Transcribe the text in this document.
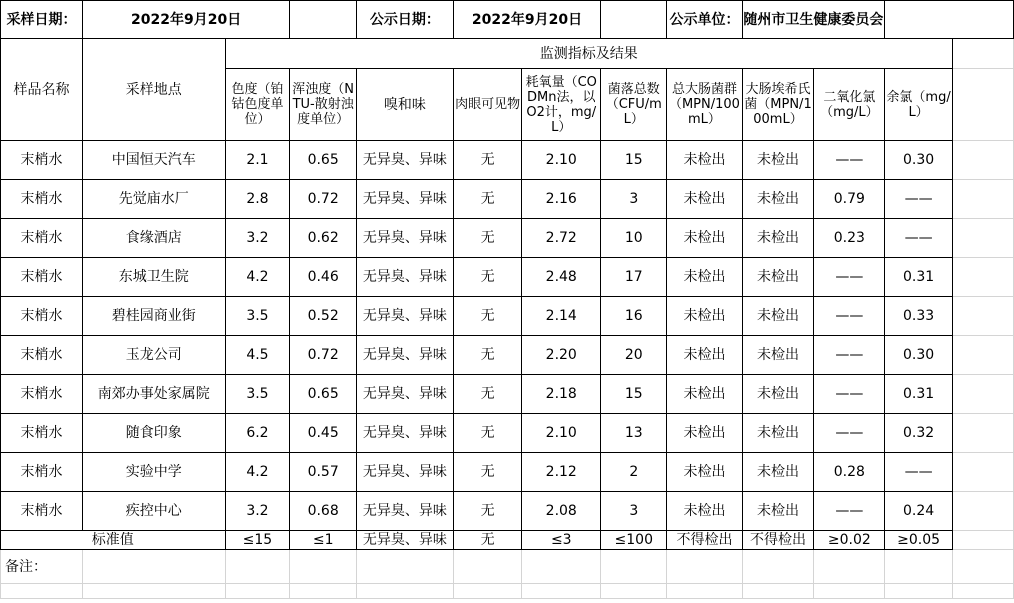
采样日期：	2022年9月20日			公示日期：	2022年9月20日			公示单位：	随州市卫生健康委员会			
样品名称	采样地点	监测指标及结果										
		色度（铂钴色度单位）	浑浊度（NTU-散射浊度单位）	嗅和味	肉眼可见物	耗氧量（CODMn法，以O2计，mg/L）	菌落总数（CFU/mL）	总大肠菌群（MPN/100mL）	大肠埃希氏菌（MPN/100mL）	二氧化氯（mg/L）	余氯（mg/L）	
末梢水	中国恒天汽车	2.1	0.65	无异臭、异味	无	2.10	15	未检出	未检出	——	0.30	
末梢水	先觉庙水厂	2.8	0.72	无异臭、异味	无	2.16	3	未检出	未检出	0.79	——	
末梢水	食缘酒店	3.2	0.62	无异臭、异味	无	2.72	10	未检出	未检出	0.23	——	
末梢水	东城卫生院	4.2	0.46	无异臭、异味	无	2.48	17	未检出	未检出	——	0.31	
末梢水	碧桂园商业街	3.5	0.52	无异臭、异味	无	2.14	16	未检出	未检出	——	0.33	
末梢水	玉龙公司	4.5	0.72	无异臭、异味	无	2.20	20	未检出	未检出	——	0.30	
末梢水	南郊办事处家属院	3.5	0.65	无异臭、异味	无	2.18	15	未检出	未检出	——	0.31	
末梢水	随食印象	6.2	0.45	无异臭、异味	无	2.10	13	未检出	未检出	——	0.32	
末梢水	实验中学	4.2	0.57	无异臭、异味	无	2.12	2	未检出	未检出	0.28	——	
末梢水	疾控中心	3.2	0.68	无异臭、异味	无	2.08	3	未检出	未检出	——	0.24	
标准值		≤15	≤1	无异臭、异味	无	≤3	≤100	不得检出	不得检出	≥0.02	≥0.05	
备注：												
